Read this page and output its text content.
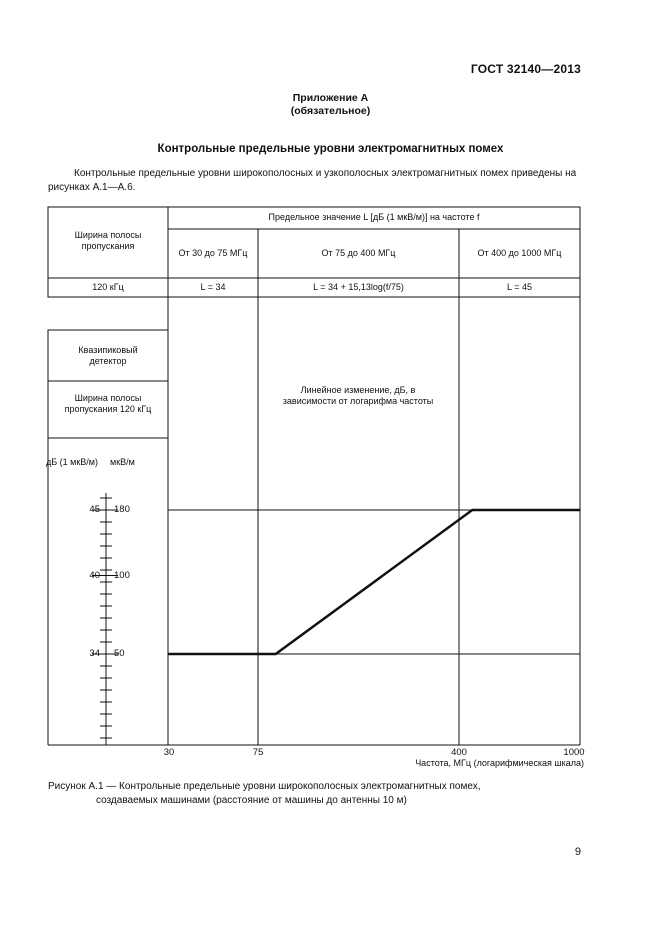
ГОСТ 32140—2013
Приложение А
(обязательное)
Контрольные предельные уровни электромагнитных помех
Контрольные предельные уровни широкополосных и узкополосных электромагнитных помех приведены на рисунках А.1—А.6.
Ширина полосы пропускания
Предельное значение L [дБ (1 мкВ/м)] на частоте f
От 30 до 75 МГц	От 75 до 400 МГц	От 400 до 1000 МГц
120 кГц	L = 34	L = 34 + 15,13log(f/75)	L = 45
Квазипиковый детектор
Ширина полосы пропускания 120 кГц
дБ (1 мкВ/м) мкВ/м
45
40
34
180
100
50
Линейное изменение, дБ, в зависимости от логарифма частоты
30	75	400	1000
Частота, МГц (логарифмическая шкала)
Рисунок А.1 — Контрольные предельные уровни широкополосных электромагнитных помех,
создаваемых машинами (расстояние от машины до антенны 10 м)
9
